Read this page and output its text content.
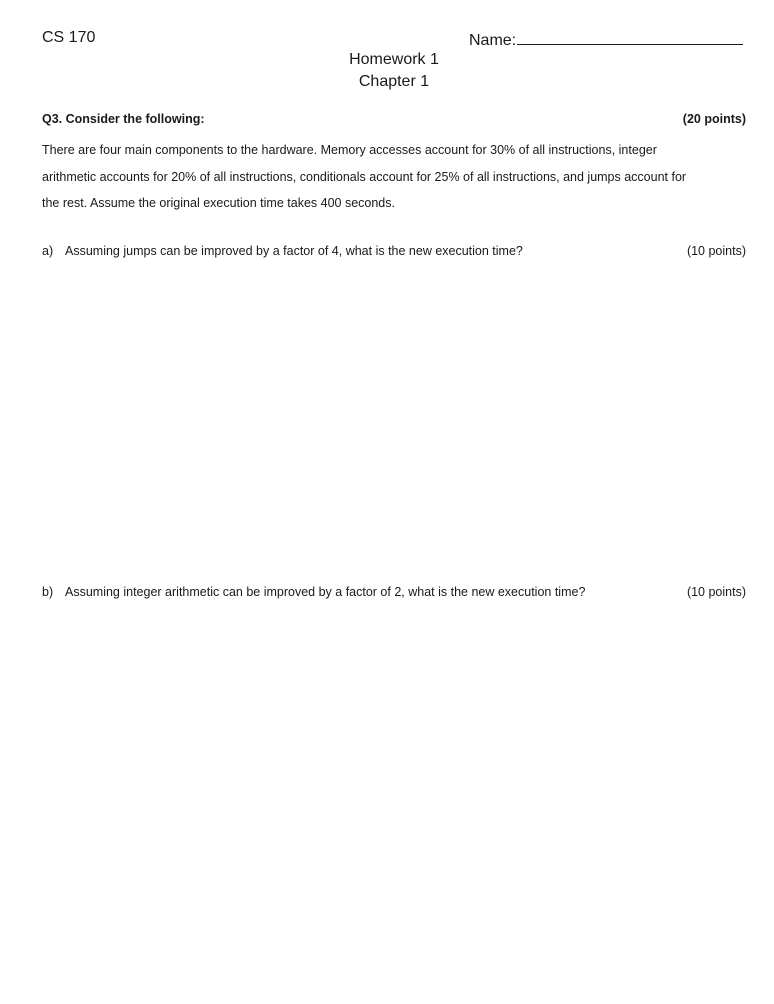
CS 170	Name:
Homework 1
Chapter 1
Q3. Consider the following:	(20 points)

There are four main components to the hardware. Memory accesses account for 30% of all instructions, integer

arithmetic accounts for 20% of all instructions, conditionals account for 25% of all instructions, and jumps account for

the rest. Assume the original execution time takes 400 seconds.

a) Assuming jumps can be improved by a factor of 4, what is the new execution time?	(10 points)
b) Assuming integer arithmetic can be improved by a factor of 2, what is the new execution time?	(10 points)
